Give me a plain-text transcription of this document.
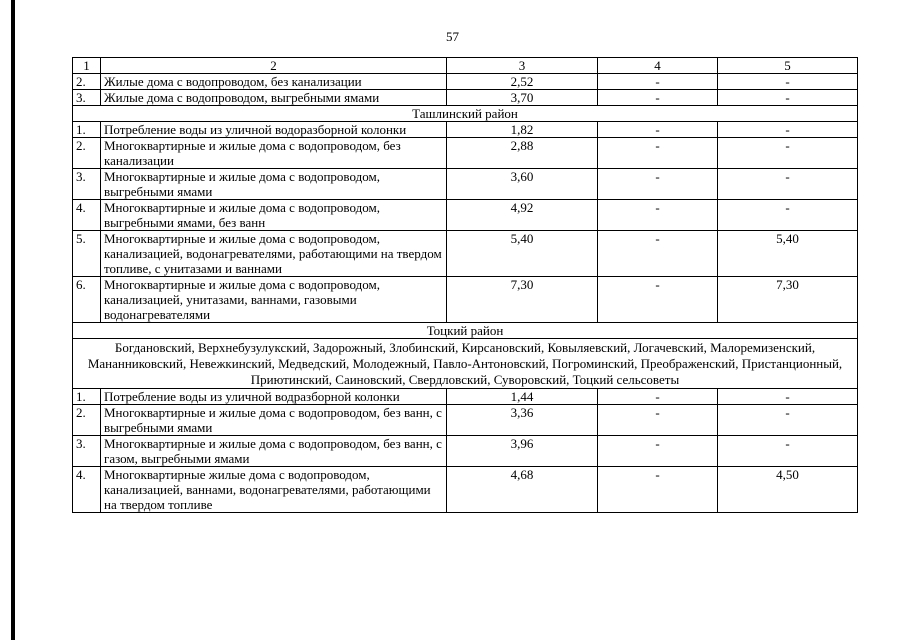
57
1	2	3	4	5
2.	Жилые дома с водопроводом, без канализации	2,52	-	-
3.	Жилые дома с водопроводом, выгребными ямами	3,70	-	-
Ташлинский район				
1.	Потребление воды из уличной водоразборной колонки	1,82	-	-
2.	Многоквартирные и жилые дома с водопроводом, без канализации	2,88	-	-
3.	Многоквартирные и жилые дома с водопроводом, выгребными ямами	3,60	-	-
4.	Многоквартирные и жилые дома с водопроводом, выгребными ямами, без ванн	4,92	-	-
5.	Многоквартирные и жилые дома с водопроводом, канализацией, водонагревателями, работающими на твердом топливе, с унитазами и ваннами	5,40	-	5,40
6.	Многоквартирные и жилые дома с водопроводом, канализацией, унитазами, ваннами, газовыми водонагревателями	7,30	-	7,30
Тоцкий район				
Богдановский, Верхнебузулукский, Задорожный, Злобинский, Кирсановский, Ковыляевский, Логачевский, Малоремизенский, Мананниковский, Невежкинский, Медведский, Молодежный, Павло-Антоновский, Погроминский, Преображенский, Пристанционный, Приютинский, Саиновский, Свердловский, Суворовский, Тоцкий сельсоветы				
1.	Потребление воды из уличной водразборной колонки	1,44	-	-
2.	Многоквартирные и жилые дома с водопроводом, без ванн, с выгребными ямами	3,36	-	-
3.	Многоквартирные и жилые дома с водопроводом, без ванн, с газом, выгребными ямами	3,96	-	-
4.	Многоквартирные жилые дома с водопроводом, канализацией, ваннами, водонагревателями, работающими на твердом топливе	4,68	-	4,50
